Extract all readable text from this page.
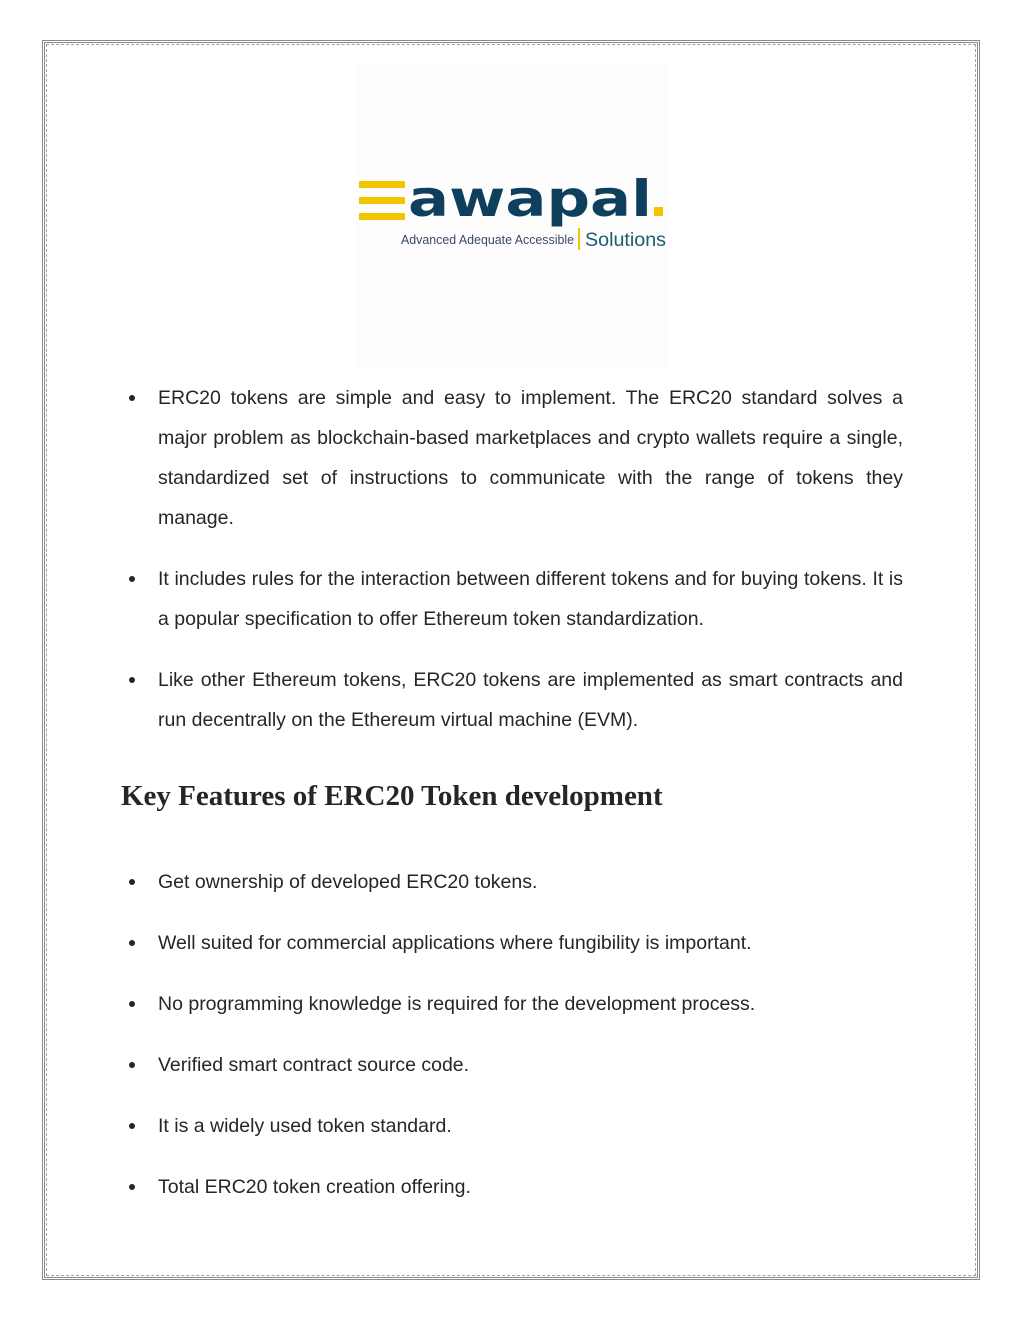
awapal
Advanced Adequate Accessible Solutions
ERC20 tokens are simple and easy to implement. The ERC20 standard solves a major problem as blockchain-based marketplaces and crypto wallets require a single, standardized set of instructions to communicate with the range of tokens they manage.
It includes rules for the interaction between different tokens and for buying tokens. It is a popular specification to offer Ethereum token standardization.
Like other Ethereum tokens, ERC20 tokens are implemented as smart contracts and run decentrally on the Ethereum virtual machine (EVM).
Key Features of ERC20 Token development
Get ownership of developed ERC20 tokens.
Well suited for commercial applications where fungibility is important.
No programming knowledge is required for the development process.
Verified smart contract source code.
It is a widely used token standard.
Total ERC20 token creation offering.
